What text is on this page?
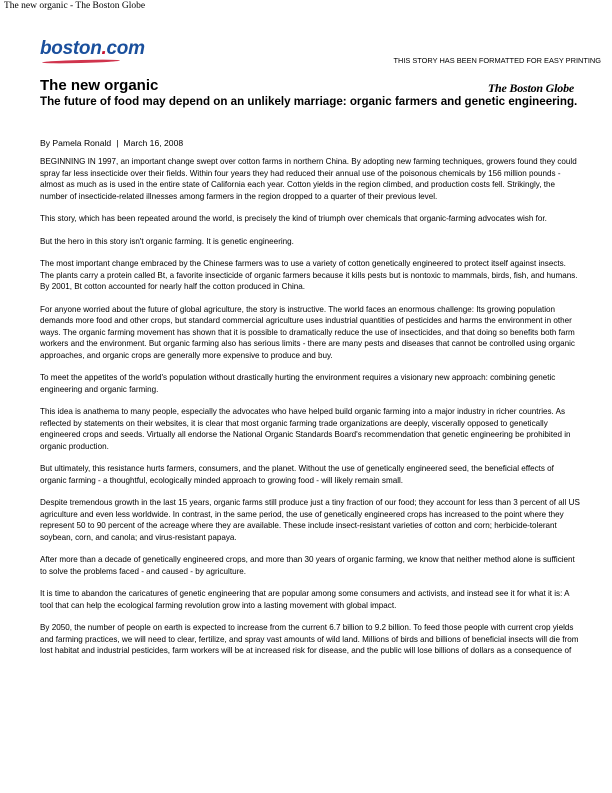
The new organic - The Boston Globe
boston.com
THIS STORY HAS BEEN FORMATTED FOR EASY PRINTING
The new organic	The Boston Globe
The future of food may depend on an unlikely marriage: organic farmers and genetic engineering.
By Pamela Ronald | March 16, 2008

BEGINNING IN 1997, an important change swept over cotton farms in northern China. By adopting new farming techniques, growers found they could spray far less insecticide over their fields. Within four years they had reduced their annual use of the poisonous chemicals by 156 million pounds - almost as much as is used in the entire state of California each year. Cotton yields in the region climbed, and production costs fell. Strikingly, the number of insecticide-related illnesses among farmers in the region dropped to a quarter of their previous level.

This story, which has been repeated around the world, is precisely the kind of triumph over chemicals that organic-farming advocates wish for.

But the hero in this story isn't organic farming. It is genetic engineering.

The most important change embraced by the Chinese farmers was to use a variety of cotton genetically engineered to protect itself against insects. The plants carry a protein called Bt, a favorite insecticide of organic farmers because it kills pests but is nontoxic to mammals, birds, fish, and humans. By 2001, Bt cotton accounted for nearly half the cotton produced in China.

For anyone worried about the future of global agriculture, the story is instructive. The world faces an enormous challenge: Its growing population demands more food and other crops, but standard commercial agriculture uses industrial quantities of pesticides and harms the environment in other ways. The organic farming movement has shown that it is possible to dramatically reduce the use of insecticides, and that doing so benefits both farm workers and the environment. But organic farming also has serious limits - there are many pests and diseases that cannot be controlled using organic approaches, and organic crops are generally more expensive to produce and buy.

To meet the appetites of the world's population without drastically hurting the environment requires a visionary new approach: combining genetic engineering and organic farming.

This idea is anathema to many people, especially the advocates who have helped build organic farming into a major industry in richer countries. As reflected by statements on their websites, it is clear that most organic farming trade organizations are deeply, viscerally opposed to genetically engineered crops and seeds. Virtually all endorse the National Organic Standards Board's recommendation that genetic engineering be prohibited in organic production.

But ultimately, this resistance hurts farmers, consumers, and the planet. Without the use of genetically engineered seed, the beneficial effects of organic farming - a thoughtful, ecologically minded approach to growing food - will likely remain small.

Despite tremendous growth in the last 15 years, organic farms still produce just a tiny fraction of our food; they account for less than 3 percent of all US agriculture and even less worldwide. In contrast, in the same period, the use of genetically engineered crops has increased to the point where they represent 50 to 90 percent of the acreage where they are available. These include insect-resistant varieties of cotton and corn; herbicide-tolerant soybean, corn, and canola; and virus-resistant papaya.

After more than a decade of genetically engineered crops, and more than 30 years of organic farming, we know that neither method alone is sufficient to solve the problems faced - and caused - by agriculture.

It is time to abandon the caricatures of genetic engineering that are popular among some consumers and activists, and instead see it for what it is: A tool that can help the ecological farming revolution grow into a lasting movement with global impact.

By 2050, the number of people on earth is expected to increase from the current 6.7 billion to 9.2 billion. To feed those people with current crop yields and farming practices, we will need to clear, fertilize, and spray vast amounts of wild land. Millions of birds and billions of beneficial insects will die from lost habitat and industrial pesticides, farm workers will be at increased risk for disease, and the public will lose billions of dollars as a consequence of
